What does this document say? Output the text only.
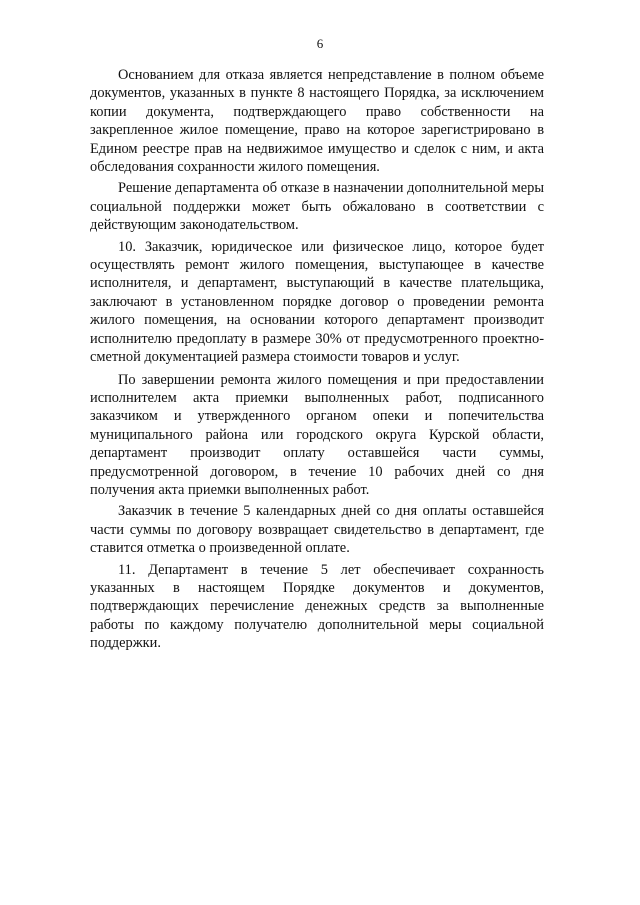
6

Основанием для отказа является непредставление в полном объеме документов, указанных в пункте 8 настоящего Порядка, за исключением копии документа, подтверждающего право собственности на закрепленное жилое помещение, право на которое зарегистрировано в Едином реестре прав на недвижимое имущество и сделок с ним, и акта обследования сохранности жилого помещения.

Решение департамента об отказе в назначении дополнительной меры социальной поддержки может быть обжаловано в соответствии с действующим законодательством.

10. Заказчик, юридическое или физическое лицо, которое будет осуществлять ремонт жилого помещения, выступающее в качестве исполнителя, и департамент, выступающий в качестве плательщика, заключают в установленном порядке договор о проведении ремонта жилого помещения, на основании которого департамент производит исполнителю предоплату в размере 30% от предусмотренного проектно-сметной документацией размера стоимости товаров и услуг.

По завершении ремонта жилого помещения и при предоставлении исполнителем акта приемки выполненных работ, подписанного заказчиком и утвержденного органом опеки и попечительства муниципального района или городского округа Курской области, департамент производит оплату оставшейся части суммы, предусмотренной договором, в течение 10 рабочих дней со дня получения акта приемки выполненных работ.

Заказчик в течение 5 календарных дней со дня оплаты оставшейся части суммы по договору возвращает свидетельство в департамент, где ставится отметка о произведенной оплате.

11. Департамент в течение 5 лет обеспечивает сохранность указанных в настоящем Порядке документов и документов, подтверждающих перечисление денежных средств за выполненные работы по каждому получателю дополнительной меры социальной поддержки.
